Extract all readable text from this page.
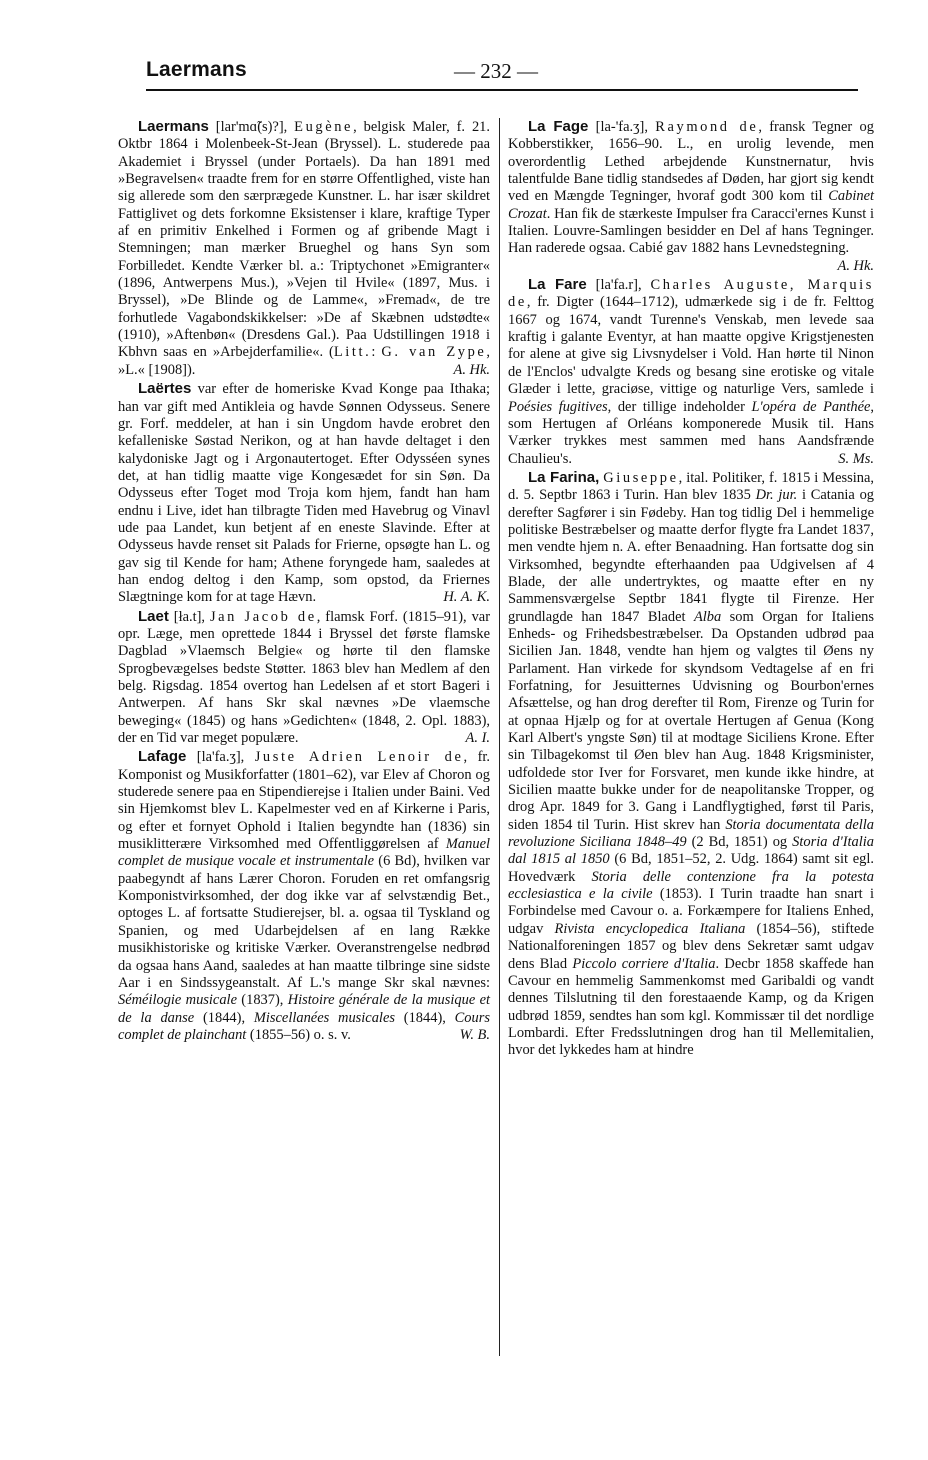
Laermans	— 232 —

Laermans [lar'mɑ̃(s)?], Eugène, belgisk Maler, f. 21. Oktbr 1864 i Molenbeek-St-Jean (Bryssel). L. studerede paa Akademiet i Bryssel (under Portaels). Da han 1891 med »Begravelsen« traadte frem for en større Offentlighed, viste han sig allerede som den særprægede Kunstner. L. har især skildret Fattiglivet og dets forkomne Eksistenser i klare, kraftige Typer af en primitiv Enkelhed i Formen og af gribende Magt i Stemningen; man mærker Brueghel og hans Syn som Forbilledet. Kendte Værker bl. a.: Triptychonet »Emigranter« (1896, Antwerpens Mus.), »Vejen til Hvile« (1897, Mus. i Bryssel), »De Blinde og de Lamme«, »Fremad«, de tre forhutlede Vagabondskikkelser: »De af Skæbnen udstødte« (1910), »Aftenbøn« (Dresdens Gal.). Paa Udstillingen 1918 i Kbhvn saas en »Arbejderfamilie«. (Litt.: G. van Zype, »L.« [1908]).	A. Hk.

Laërtes var efter de homeriske Kvad Konge paa Ithaka; han var gift med Antikleia og havde Sønnen Odysseus. Senere gr. Forf. meddeler, at han i sin Ungdom havde erobret den kefalleniske Søstad Nerikon, og at han havde deltaget i den kalydoniske Jagt og i Argonautertoget. Efter Odysséen synes det, at han tidlig maatte vige Kongesædet for sin Søn. Da Odysseus efter Toget mod Troja kom hjem, fandt han ham endnu i Live, idet han tilbragte Tiden med Havebrug og Vinavl ude paa Landet, kun betjent af en eneste Slavinde. Efter at Odysseus havde renset sit Palads for Frierne, opsøgte han L. og gav sig til Kende for ham; Athene foryngede ham, saaledes at han endog deltog i den Kamp, som opstod, da Friernes Slægtninge kom for at tage Hævn.	H. A. K.

Laet [ła.t], Jan Jacob de, flamsk Forf. (1815–91), var opr. Læge, men oprettede 1844 i Bryssel det første flamske Dagblad »Vlaemsch Belgie« og hørte til den flamske Sprogbevægelses bedste Støtter. 1863 blev han Medlem af den belg. Rigsdag. 1854 overtog han Ledelsen af et stort Bageri i Antwerpen. Af hans Skr skal nævnes »De vlaemsche beweging« (1845) og hans »Gedichten« (1848, 2. Opl. 1883), der en Tid var meget populære.	A. I.

Lafage [la'fa.ʒ], Juste Adrien Lenoir de, fr. Komponist og Musikforfatter (1801–62), var Elev af Choron og studerede senere paa en Stipendierejse i Italien under Baini. Ved sin Hjemkomst blev L. Kapelmester ved en af Kirkerne i Paris, og efter et fornyet Ophold i Italien begyndte han (1836) sin musiklitterære Virksomhed med Offentliggørelsen af Manuel complet de musique vocale et instrumentale (6 Bd), hvilken var paabegyndt af hans Lærer Choron. Foruden en ret omfangsrig Komponistvirksomhed, der dog ikke var af selvstændig Bet., optoges L. af fortsatte Studierejser, bl. a. ogsaa til Tyskland og Spanien, og med Udarbejdelsen af en lang Række musikhistoriske og kritiske Værker. Overanstrengelse nedbrød da ogsaa hans Aand, saaledes at han maatte tilbringe sine sidste Aar i en Sindssygeanstalt. Af L.'s mange Skr skal nævnes: Séméilogie musicale (1837), Histoire générale de la musique et de la danse (1844), Miscellanées musicales (1844), Cours complet de plainchant (1855–56) o. s. v.	W. B.

La Fage [la-'fa.ʒ], Raymond de, fransk Tegner og Kobberstikker, 1656–90. L., en urolig levende, men overordentlig Lethed arbejdende Kunstnernatur, hvis talentfulde Bane tidlig standsedes af Døden, har gjort sig kendt ved en Mængde Tegninger, hvoraf godt 300 kom til Cabinet Crozat. Han fik de stærkeste Impulser fra Caracci'ernes Kunst i Italien. Louvre-Samlingen besidder en Del af hans Tegninger. Han raderede ogsaa. Cabié gav 1882 hans Levnedstegning.
A. Hk.

La Fare [la'fa.r], Charles Auguste, Marquis de, fr. Digter (1644–1712), udmærkede sig i de fr. Felttog 1667 og 1674, vandt Turenne's Venskab, men levede saa kraftig i galante Eventyr, at han maatte opgive Krigstjenesten for alene at give sig Livsnydelser i Vold. Han hørte til Ninon de l'Enclos' udvalgte Kreds og besang sine erotiske og vitale Glæder i lette, graciøse, vittige og naturlige Vers, samlede i Poésies fugitives, der tillige indeholder L'opéra de Panthée, som Hertugen af Orléans komponerede Musik til. Hans Værker trykkes mest sammen med hans Aandsfrænde Chaulieu's.	S. Ms.

La Farina, Giuseppe, ital. Politiker, f. 1815 i Messina, d. 5. Septbr 1863 i Turin. Han blev 1835 Dr. jur. i Catania og derefter Sagfører i sin Fødeby. Han tog tidlig Del i hemmelige politiske Bestræbelser og maatte derfor flygte fra Landet 1837, men vendte hjem n. A. efter Benaadning. Han fortsatte dog sin Virksomhed, begyndte efterhaanden paa Udgivelsen af 4 Blade, der alle undertryktes, og maatte efter en ny Sammensværgelse Septbr 1841 flygte til Firenze. Her grundlagde han 1847 Bladet Alba som Organ for Italiens Enheds- og Frihedsbestræbelser. Da Opstanden udbrød paa Sicilien Jan. 1848, vendte han hjem og valgtes til Øens ny Parlament. Han virkede for skyndsom Vedtagelse af en fri Forfatning, for Jesuitternes Udvisning og Bourbon'ernes Afsættelse, og han drog derefter til Rom, Firenze og Turin for at opnaa Hjælp og for at overtale Hertugen af Genua (Kong Karl Albert's yngste Søn) til at modtage Siciliens Krone. Efter sin Tilbagekomst til Øen blev han Aug. 1848 Krigsminister, udfoldede stor Iver for Forsvaret, men kunde ikke hindre, at Sicilien maatte bukke under for de neapolitanske Tropper, og drog Apr. 1849 for 3. Gang i Landflygtighed, først til Paris, siden 1854 til Turin. Hist skrev han Storia documentata della revoluzione Siciliana 1848–49 (2 Bd, 1851) og Storia d'Italia dal 1815 al 1850 (6 Bd, 1851–52, 2. Udg. 1864) samt sit egl. Hovedværk Storia delle contenzione fra la potesta ecclesiastica e la civile (1853). I Turin traadte han snart i Forbindelse med Cavour o. a. Forkæmpere for Italiens Enhed, udgav Rivista encyclopedica Italiana (1854–56), stiftede Nationalforeningen 1857 og blev dens Sekretær samt udgav dens Blad Piccolo corriere d'Italia. Decbr 1858 skaffede han Cavour en hemmelig Sammenkomst med Garibaldi og vandt dennes Tilslutning til den forestaaende Kamp, og da Krigen udbrød 1859, sendtes han som kgl. Kommissær til det nordlige Lombardi. Efter Fredsslutningen drog han til Mellemitalien, hvor det lykkedes ham at hindre
